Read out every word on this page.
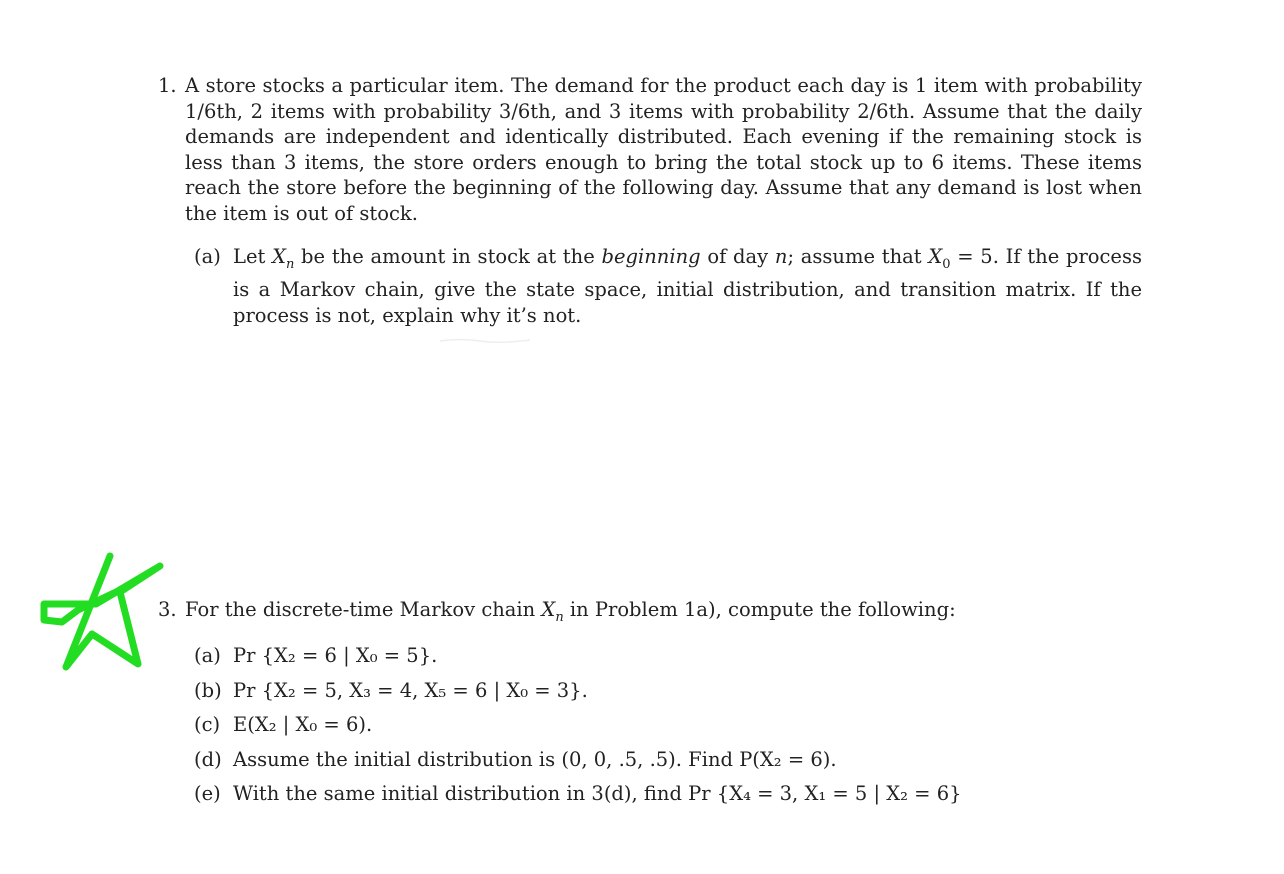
1. A store stocks a particular item. The demand for the product each day is 1 item with probability 1/6th, 2 items with probability 3/6th, and 3 items with probability 2/6th. Assume that the daily demands are independent and identically distributed. Each evening if the remaining stock is less than 3 items, the store orders enough to bring the total stock up to 6 items. These items reach the store before the beginning of the following day. Assume that any demand is lost when the item is out of stock.
(a) Let $X_n$ be the amount in stock at the beginning of day n; assume that $X_0 = 5$. If the process is a Markov chain, give the state space, initial distribution, and transition matrix. If the process is not, explain why it’s not.
3. For the discrete-time Markov chain $X_n$ in Problem 1a), compute the following:
(a) Pr {X₂ = 6 | X₀ = 5}.
(b) Pr {X₂ = 5, X₃ = 4, X₅ = 6 | X₀ = 3}.
(c) E(X₂ | X₀ = 6).
(d) Assume the initial distribution is (0, 0, .5, .5). Find P(X₂ = 6).
(e) With the same initial distribution in 3(d), find Pr {X₄ = 3, X₁ = 5 | X₂ = 6}
